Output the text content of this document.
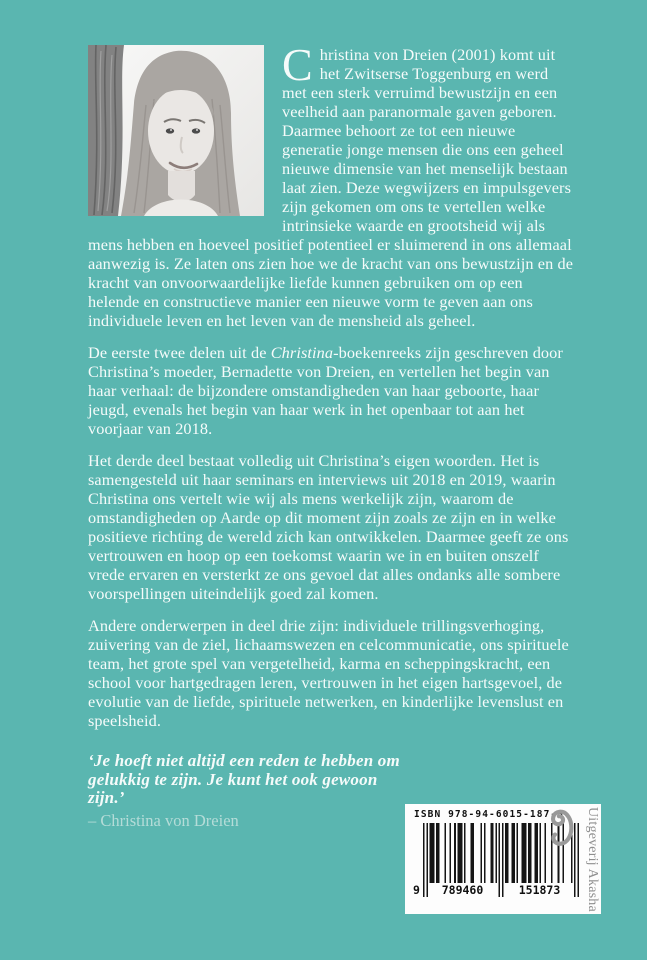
Christina von Dreien (2001) komt uit het Zwitserse Toggenburg en werd met een sterk verruimd bewustzijn en een veelheid aan paranormale gaven geboren. Daarmee behoort ze tot een nieuwe generatie jonge mensen die ons een geheel nieuwe dimensie van het menselijk bestaan laat zien. Deze wegwijzers en impulsgevers zijn gekomen om ons te vertellen welke intrinsieke waarde en grootsheid wij als mens hebben en hoeveel positief potentieel er sluimerend in ons allemaal aanwezig is. Ze laten ons zien hoe we de kracht van ons bewustzijn en de kracht van onvoorwaardelijke liefde kunnen gebruiken om op een helende en constructieve manier een nieuwe vorm te geven aan ons individuele leven en het leven van de mensheid als geheel.

De eerste twee delen uit de Christina-boekenreeks zijn geschreven door Christina’s moeder, Bernadette von Dreien, en vertellen het begin van haar verhaal: de bijzondere omstandigheden van haar geboorte, haar jeugd, evenals het begin van haar werk in het openbaar tot aan het voorjaar van 2018.

Het derde deel bestaat volledig uit Christina’s eigen woorden. Het is samengesteld uit haar seminars en interviews uit 2018 en 2019, waarin Christina ons vertelt wie wij als mens werkelijk zijn, waarom de omstandigheden op Aarde op dit moment zijn zoals ze zijn en in welke positieve richting de wereld zich kan ontwikkelen. Daarmee geeft ze ons vertrouwen en hoop op een toekomst waarin we in en buiten onszelf vrede ervaren en versterkt ze ons gevoel dat alles ondanks alle sombere voorspellingen uiteindelijk goed zal komen.

Andere onderwerpen in deel drie zijn: individuele trillingsverhoging, zuivering van de ziel, lichaamswezen en celcommunicatie, ons spirituele team, het grote spel van vergetelheid, karma en scheppingskracht, een school voor hartgedragen leren, vertrouwen in het eigen hartsgevoel, de evolutie van de liefde, spirituele netwerken, en kinderlijke levenslust en speelsheid.

‘Je hoeft niet altijd een reden te hebben om gelukkig te zijn. Je kunt het ook gewoon zijn.’
– Christina von Dreien	ISBN 978-94-6015-187-3
9	789460	151873	Uitgeverij Akasha
